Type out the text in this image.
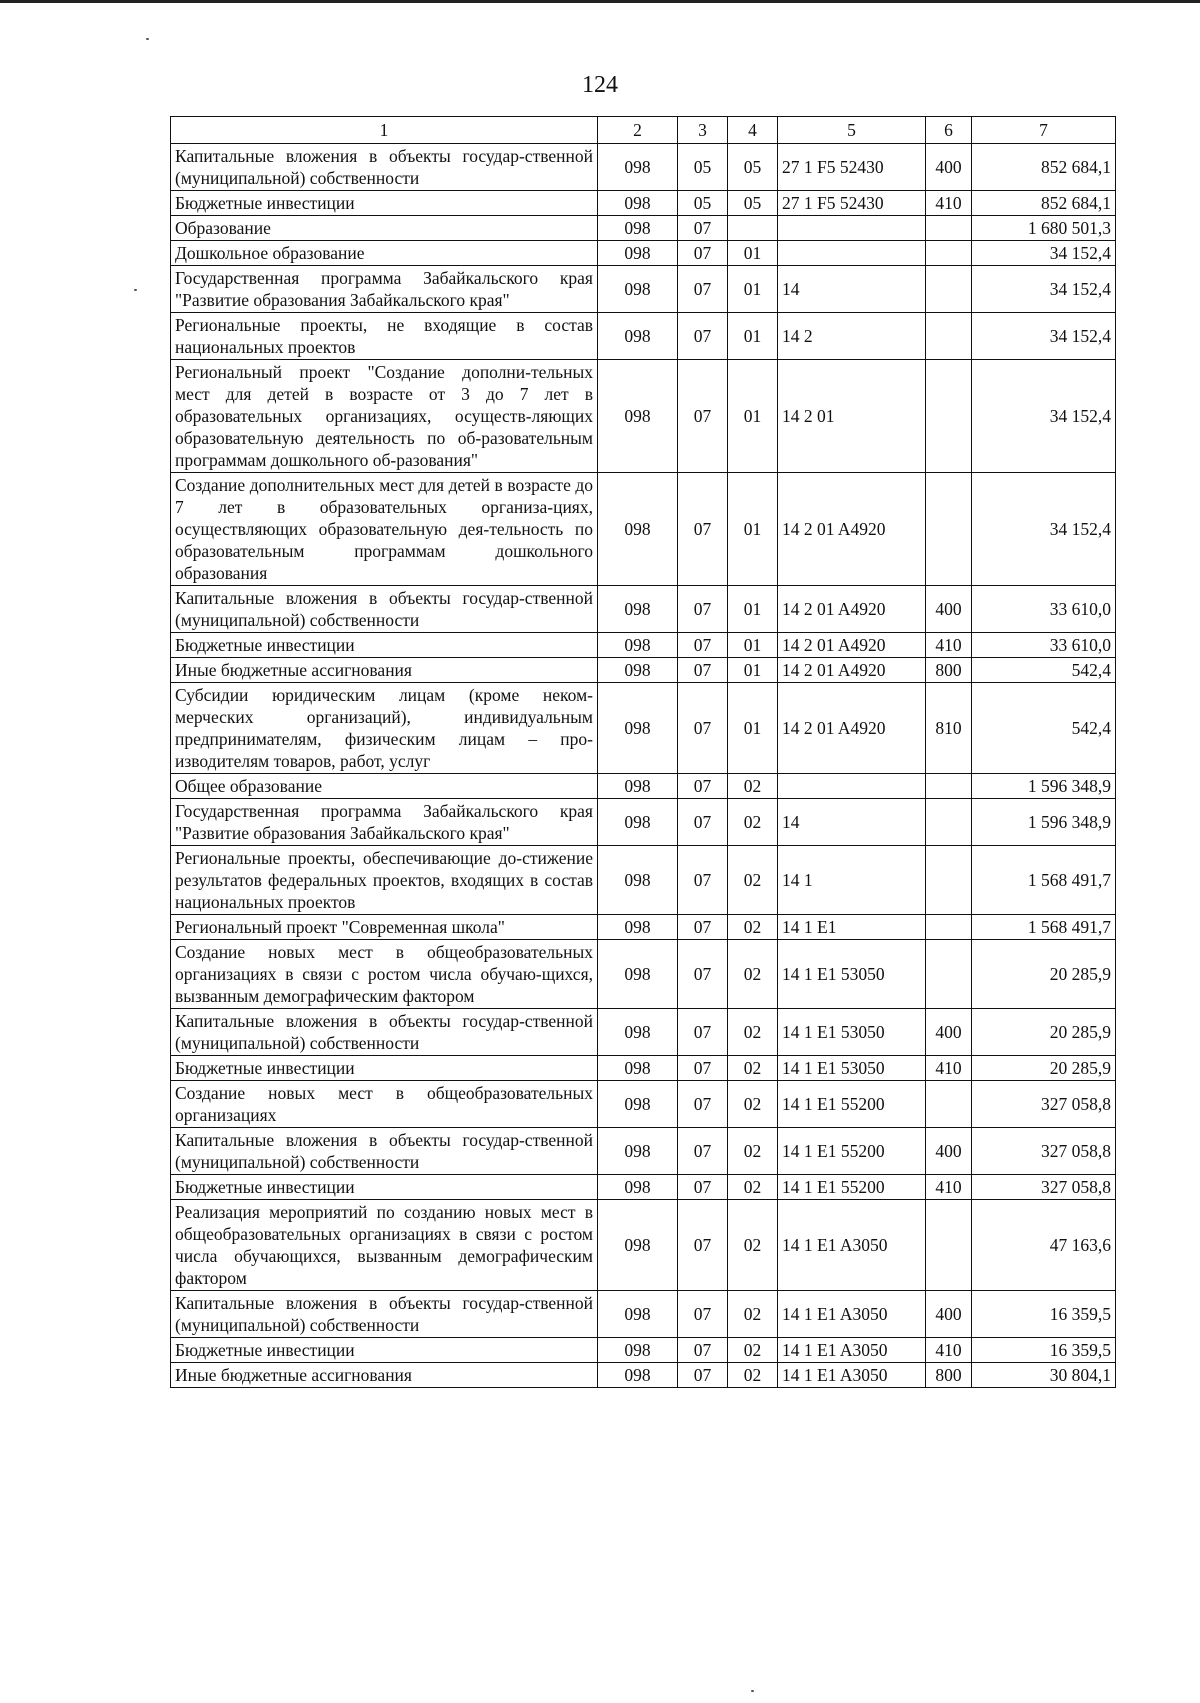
124
1	2	3	4	5	6	7
Капитальные вложения в объекты государ-ственной (муниципальной) собственности	098	05	05	27 1 F5 52430	400	852 684,1
Бюджетные инвестиции	098	05	05	27 1 F5 52430	410	852 684,1
Образование	098	07				1 680 501,3
Дошкольное образование	098	07	01			34 152,4
Государственная программа Забайкальского края "Развитие образования Забайкальского края"	098	07	01	14		34 152,4
Региональные проекты, не входящие в состав национальных проектов	098	07	01	14 2		34 152,4
Региональный проект "Создание дополни-тельных мест для детей в возрасте от 3 до 7 лет в образовательных организациях, осуществ-ляющих образовательную деятельность по об-разовательным программам дошкольного об-разования"	098	07	01	14 2 01		34 152,4
Создание дополнительных мест для детей в возрасте до 7 лет в образовательных организа-циях, осуществляющих образовательную дея-тельность по образовательным программам дошкольного образования	098	07	01	14 2 01 A4920		34 152,4
Капитальные вложения в объекты государ-ственной (муниципальной) собственности	098	07	01	14 2 01 A4920	400	33 610,0
Бюджетные инвестиции	098	07	01	14 2 01 A4920	410	33 610,0
Иные бюджетные ассигнования	098	07	01	14 2 01 A4920	800	542,4
Субсидии юридическим лицам (кроме неком-мерческих организаций), индивидуальным предпринимателям, физическим лицам – про-изводителям товаров, работ, услуг	098	07	01	14 2 01 A4920	810	542,4
Общее образование	098	07	02			1 596 348,9
Государственная программа Забайкальского края "Развитие образования Забайкальского края"	098	07	02	14		1 596 348,9
Региональные проекты, обеспечивающие до-стижение результатов федеральных проектов, входящих в состав национальных проектов	098	07	02	14 1		1 568 491,7
Региональный проект "Современная школа"	098	07	02	14 1 E1		1 568 491,7
Создание новых мест в общеобразовательных организациях в связи с ростом числа обучаю-щихся, вызванным демографическим фактором	098	07	02	14 1 E1 53050		20 285,9
Капитальные вложения в объекты государ-ственной (муниципальной) собственности	098	07	02	14 1 E1 53050	400	20 285,9
Бюджетные инвестиции	098	07	02	14 1 E1 53050	410	20 285,9
Создание новых мест в общеобразовательных организациях	098	07	02	14 1 E1 55200		327 058,8
Капитальные вложения в объекты государ-ственной (муниципальной) собственности	098	07	02	14 1 E1 55200	400	327 058,8
Бюджетные инвестиции	098	07	02	14 1 E1 55200	410	327 058,8
Реализация мероприятий по созданию новых мест в общеобразовательных организациях в связи с ростом числа обучающихся, вызванным демографическим фактором	098	07	02	14 1 E1 A3050		47 163,6
Капитальные вложения в объекты государ-ственной (муниципальной) собственности	098	07	02	14 1 E1 A3050	400	16 359,5
Бюджетные инвестиции	098	07	02	14 1 E1 A3050	410	16 359,5
Иные бюджетные ассигнования	098	07	02	14 1 E1 A3050	800	30 804,1
